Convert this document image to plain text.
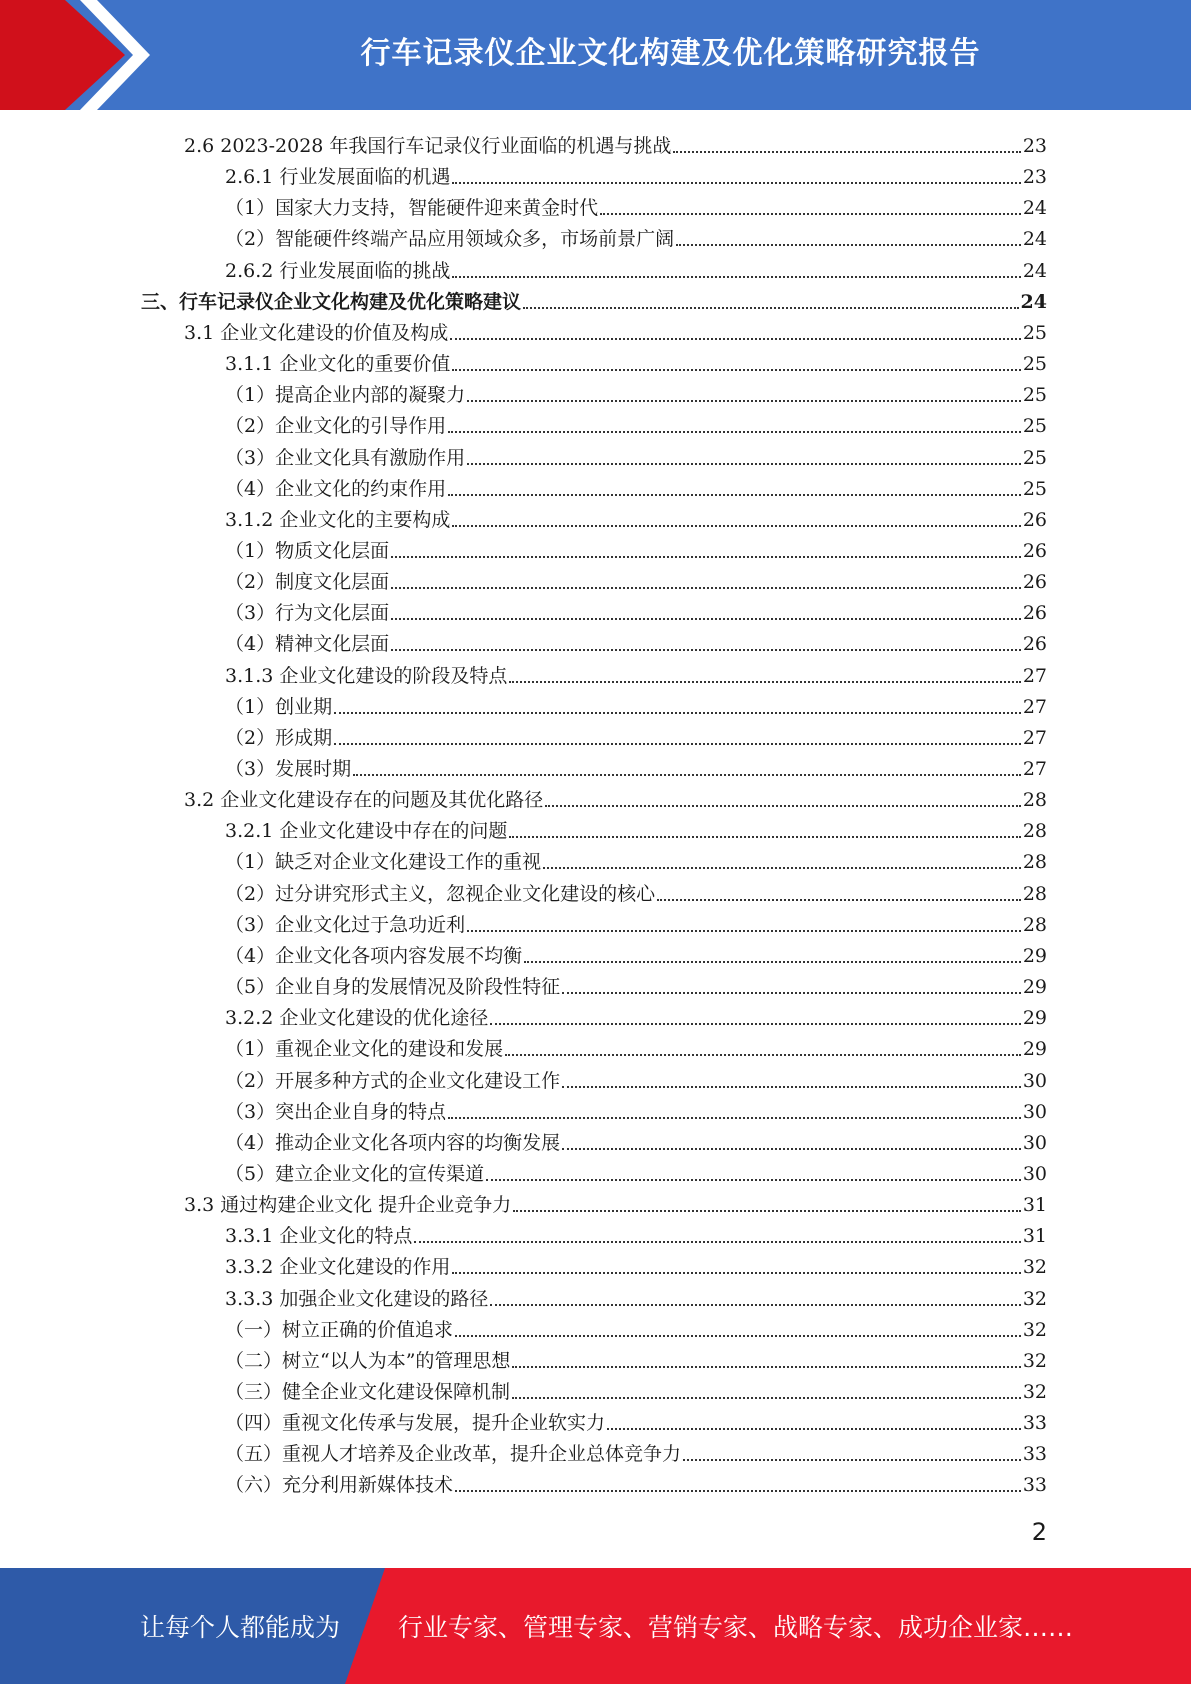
行车记录仪企业文化构建及优化策略研究报告
2.6 2023-2028 年我国行车记录仪行业面临的机遇与挑战	23
2.6.1 行业发展面临的机遇	23
（1）国家大力支持，智能硬件迎来黄金时代	24
（2）智能硬件终端产品应用领域众多，市场前景广阔	24
2.6.2 行业发展面临的挑战	24
三、行车记录仪企业文化构建及优化策略建议	24
3.1 企业文化建设的价值及构成	25
3.1.1 企业文化的重要价值	25
（1）提高企业内部的凝聚力	25
（2）企业文化的引导作用	25
（3）企业文化具有激励作用	25
（4）企业文化的约束作用	25
3.1.2 企业文化的主要构成	26
（1）物质文化层面	26
（2）制度文化层面	26
（3）行为文化层面	26
（4）精神文化层面	26
3.1.3 企业文化建设的阶段及特点	27
（1）创业期	27
（2）形成期	27
（3）发展时期	27
3.2 企业文化建设存在的问题及其优化路径	28
3.2.1 企业文化建设中存在的问题	28
（1）缺乏对企业文化建设工作的重视	28
（2）过分讲究形式主义，忽视企业文化建设的核心	28
（3）企业文化过于急功近利	28
（4）企业文化各项内容发展不均衡	29
（5）企业自身的发展情况及阶段性特征	29
3.2.2 企业文化建设的优化途径	29
（1）重视企业文化的建设和发展	29
（2）开展多种方式的企业文化建设工作	30
（3）突出企业自身的特点	30
（4）推动企业文化各项内容的均衡发展	30
（5）建立企业文化的宣传渠道	30
3.3 通过构建企业文化 提升企业竞争力	31
3.3.1 企业文化的特点	31
3.3.2 企业文化建设的作用	32
3.3.3 加强企业文化建设的路径	32
（一）树立正确的价值追求	32
（二）树立“以人为本”的管理思想	32
（三）健全企业文化建设保障机制	32
（四）重视文化传承与发展，提升企业软实力	33
（五）重视人才培养及企业改革，提升企业总体竞争力	33
（六）充分利用新媒体技术	33
2
让每个人都能成为 行业专家、管理专家、营销专家、战略专家、成功企业家……
